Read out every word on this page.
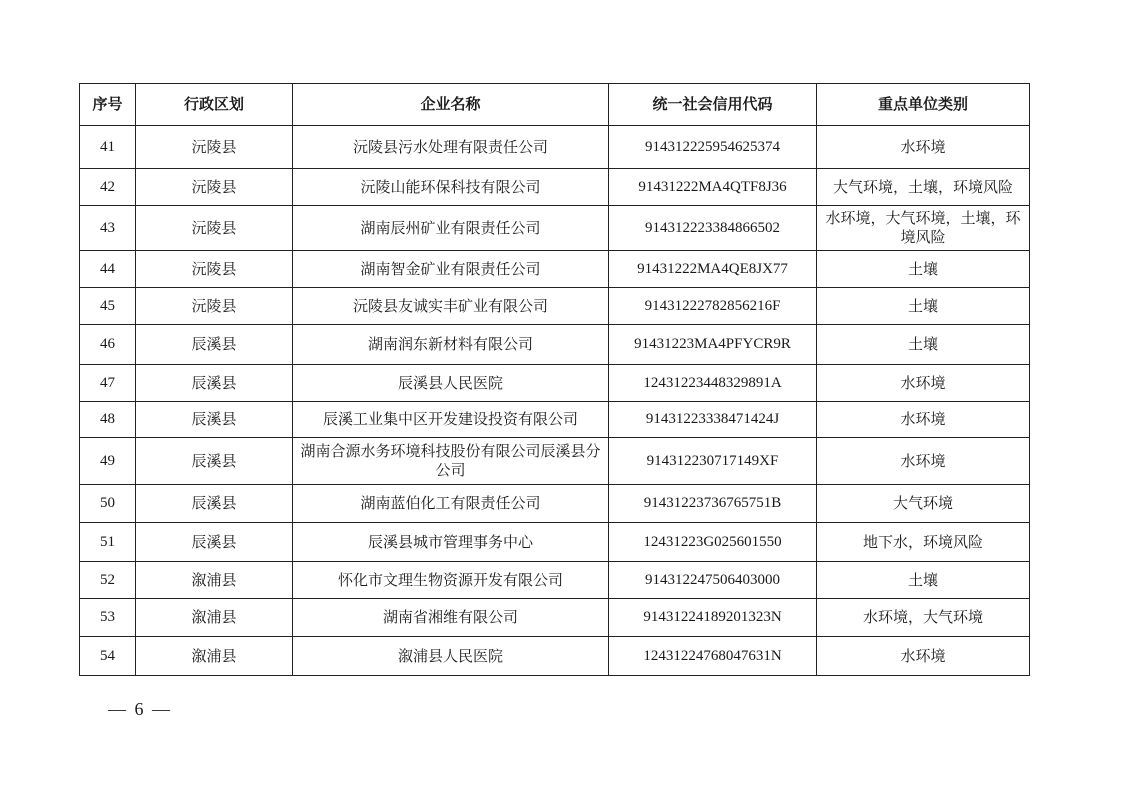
序号	行政区划	企业名称	统一社会信用代码	重点单位类别
41	沅陵县	沅陵县污水处理有限责任公司	914312225954625374	水环境
42	沅陵县	沅陵山能环保科技有限公司	91431222MA4QTF8J36	大气环境，土壤，环境风险
43	沅陵县	湖南辰州矿业有限责任公司	914312223384866502	水环境，大气环境，土壤，环境风险
44	沅陵县	湖南智金矿业有限责任公司	91431222MA4QE8JX77	土壤
45	沅陵县	沅陵县友诚实丰矿业有限公司	91431222782856216F	土壤
46	辰溪县	湖南润东新材料有限公司	91431223MA4PFYCR9R	土壤
47	辰溪县	辰溪县人民医院	12431223448329891A	水环境
48	辰溪县	辰溪工业集中区开发建设投资有限公司	91431223338471424J	水环境
49	辰溪县	湖南合源水务环境科技股份有限公司辰溪县分公司	914312230717149XF	水环境
50	辰溪县	湖南蓝伯化工有限责任公司	91431223736765751B	大气环境
51	辰溪县	辰溪县城市管理事务中心	12431223G025601550	地下水，环境风险
52	溆浦县	怀化市文理生物资源开发有限公司	914312247506403000	土壤
53	溆浦县	湖南省湘维有限公司	91431224189201323N	水环境，大气环境
54	溆浦县	溆浦县人民医院	12431224768047631N	水环境
— 6 —
